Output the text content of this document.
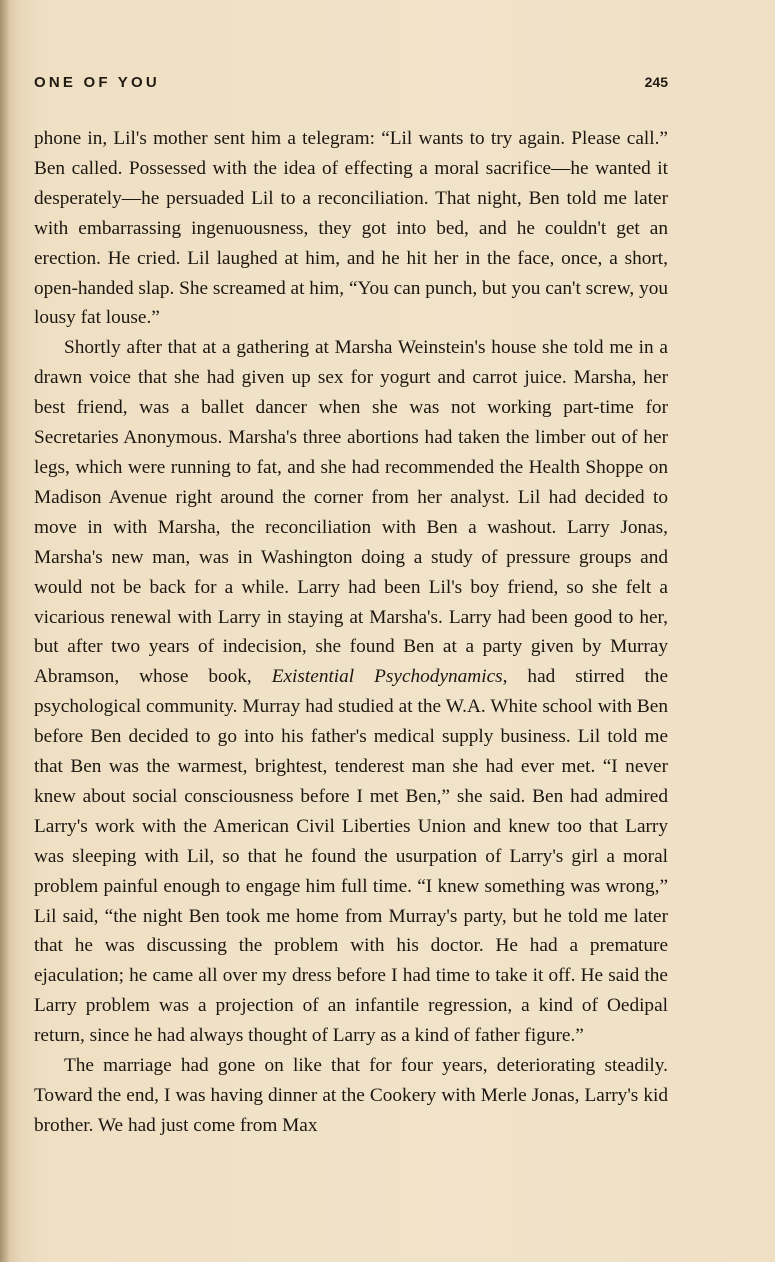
ONE OF YOU	245

phone in, Lil's mother sent him a telegram: “Lil wants to try again. Please call.” Ben called. Possessed with the idea of effecting a moral sacrifice—he wanted it desperately—he persuaded Lil to a reconciliation. That night, Ben told me later with embarrassing ingenuousness, they got into bed, and he couldn't get an erection. He cried. Lil laughed at him, and he hit her in the face, once, a short, open-handed slap. She screamed at him, “You can punch, but you can't screw, you lousy fat louse.”

Shortly after that at a gathering at Marsha Weinstein's house she told me in a drawn voice that she had given up sex for yogurt and carrot juice. Marsha, her best friend, was a ballet dancer when she was not working part-time for Secretaries Anonymous. Marsha's three abortions had taken the limber out of her legs, which were running to fat, and she had recommended the Health Shoppe on Madison Avenue right around the corner from her analyst. Lil had decided to move in with Marsha, the reconciliation with Ben a washout. Larry Jonas, Marsha's new man, was in Washington doing a study of pressure groups and would not be back for a while. Larry had been Lil's boy friend, so she felt a vicarious renewal with Larry in staying at Marsha's. Larry had been good to her, but after two years of indecision, she found Ben at a party given by Murray Abramson, whose book, Existential Psychodynamics, had stirred the psychological community. Murray had studied at the W.A. White school with Ben before Ben decided to go into his father's medical supply business. Lil told me that Ben was the warmest, brightest, tenderest man she had ever met. “I never knew about social consciousness before I met Ben,” she said. Ben had admired Larry's work with the American Civil Liberties Union and knew too that Larry was sleeping with Lil, so that he found the usurpation of Larry's girl a moral problem painful enough to engage him full time. “I knew something was wrong,” Lil said, “the night Ben took me home from Murray's party, but he told me later that he was discussing the problem with his doctor. He had a premature ejaculation; he came all over my dress before I had time to take it off. He said the Larry problem was a projection of an infantile regression, a kind of Oedipal return, since he had always thought of Larry as a kind of father figure.”

The marriage had gone on like that for four years, deteriorating steadily. Toward the end, I was having dinner at the Cookery with Merle Jonas, Larry's kid brother. We had just come from Max
